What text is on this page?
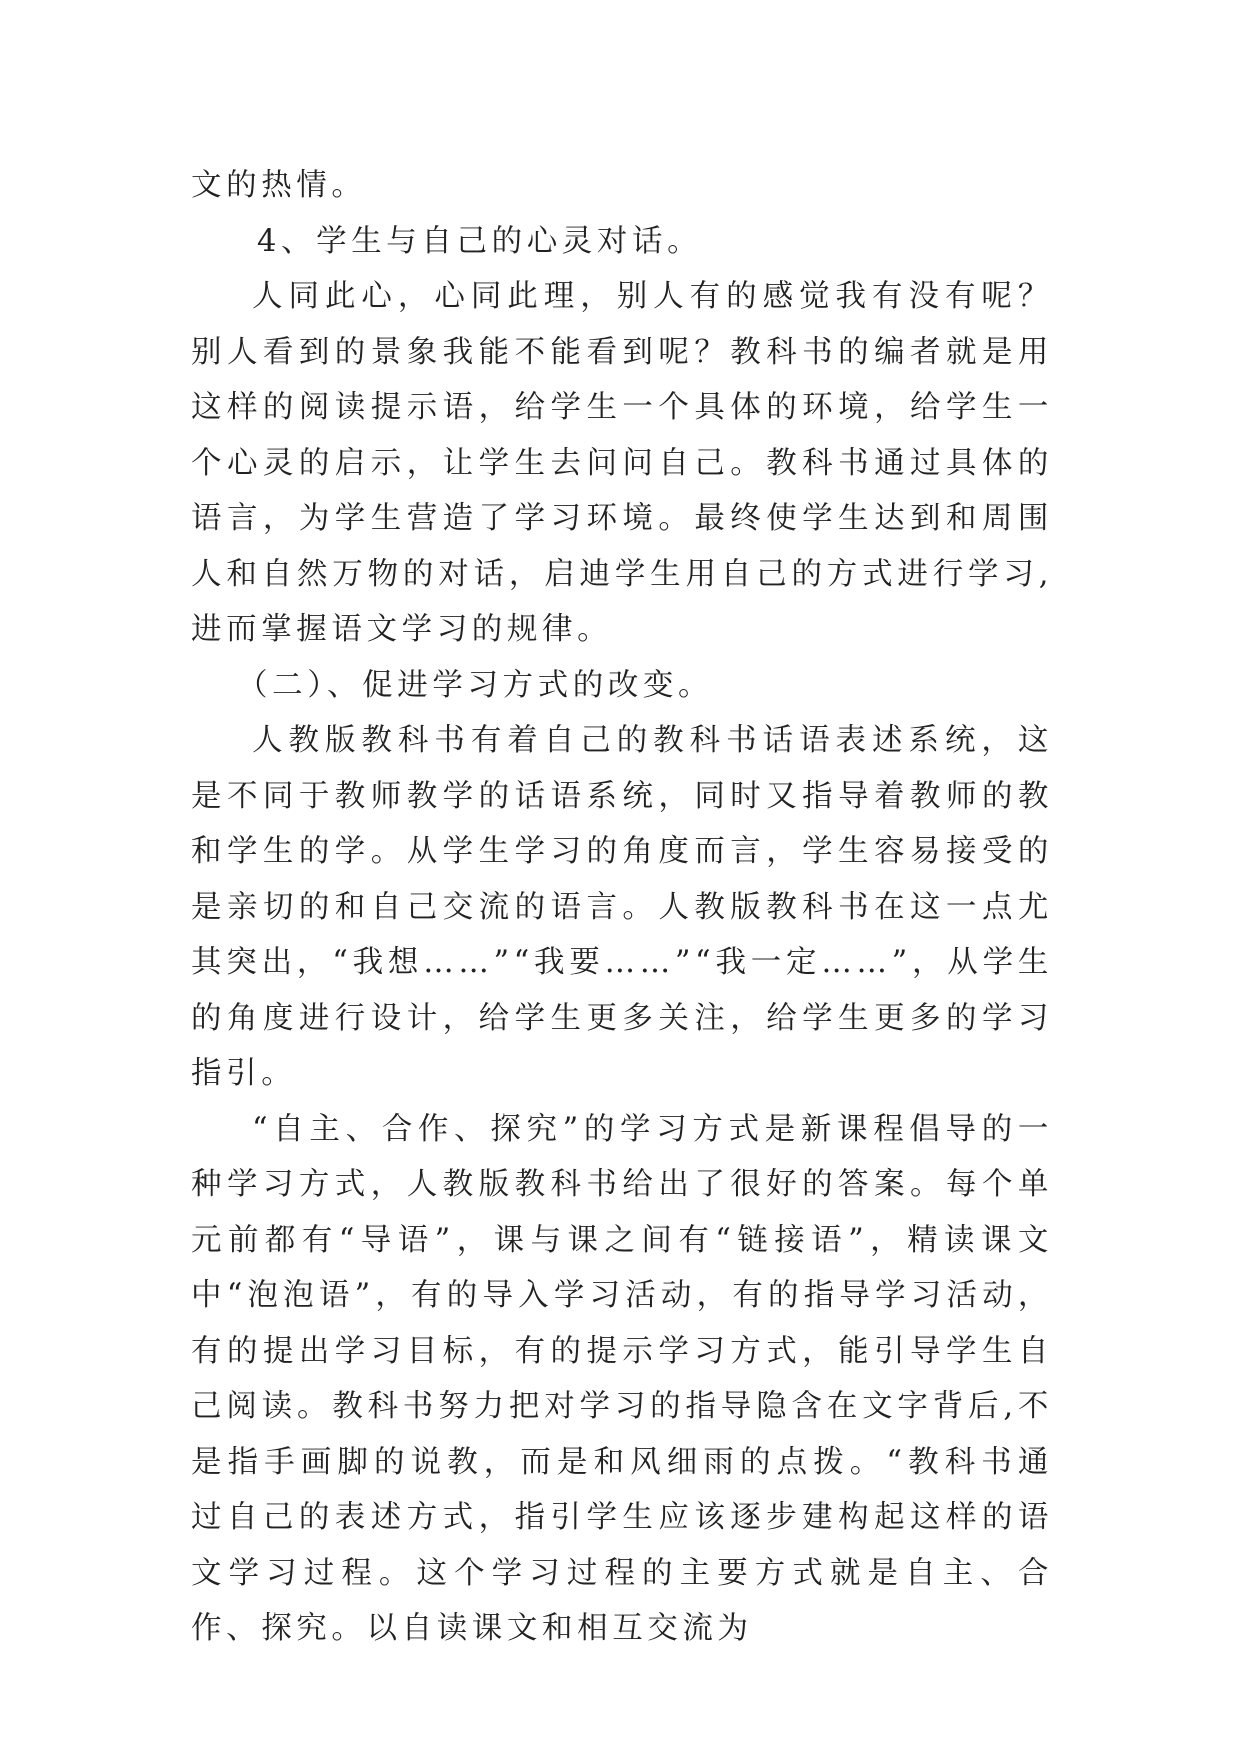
文的热情。

4、学生与自己的心灵对话。

人同此心，心同此理，别人有的感觉我有没有呢？别人看到的景象我能不能看到呢？教科书的编者就是用这样的阅读提示语，给学生一个具体的环境，给学生一个心灵的启示，让学生去问问自己。教科书通过具体的语言，为学生营造了学习环境。最终使学生达到和周围人和自然万物的对话，启迪学生用自己的方式进行学习,进而掌握语文学习的规律。

（二）、促进学习方式的改变。

人教版教科书有着自己的教科书话语表述系统，这是不同于教师教学的话语系统，同时又指导着教师的教和学生的学。从学生学习的角度而言，学生容易接受的是亲切的和自己交流的语言。人教版教科书在这一点尤其突出，“我想……”“我要……”“我一定……”，从学生的角度进行设计，给学生更多关注，给学生更多的学习指引。

“自主、合作、探究”的学习方式是新课程倡导的一种学习方式，人教版教科书给出了很好的答案。每个单元前都有“导语”，课与课之间有“链接语”，精读课文中“泡泡语”，有的导入学习活动，有的指导学习活动，有的提出学习目标，有的提示学习方式，能引导学生自己阅读。教科书努力把对学习的指导隐含在文字背后,不是指手画脚的说教，而是和风细雨的点拨。“教科书通过自己的表述方式，指引学生应该逐步建构起这样的语文学习过程。这个学习过程的主要方式就是自主、合作、探究。以自读课文和相互交流为
